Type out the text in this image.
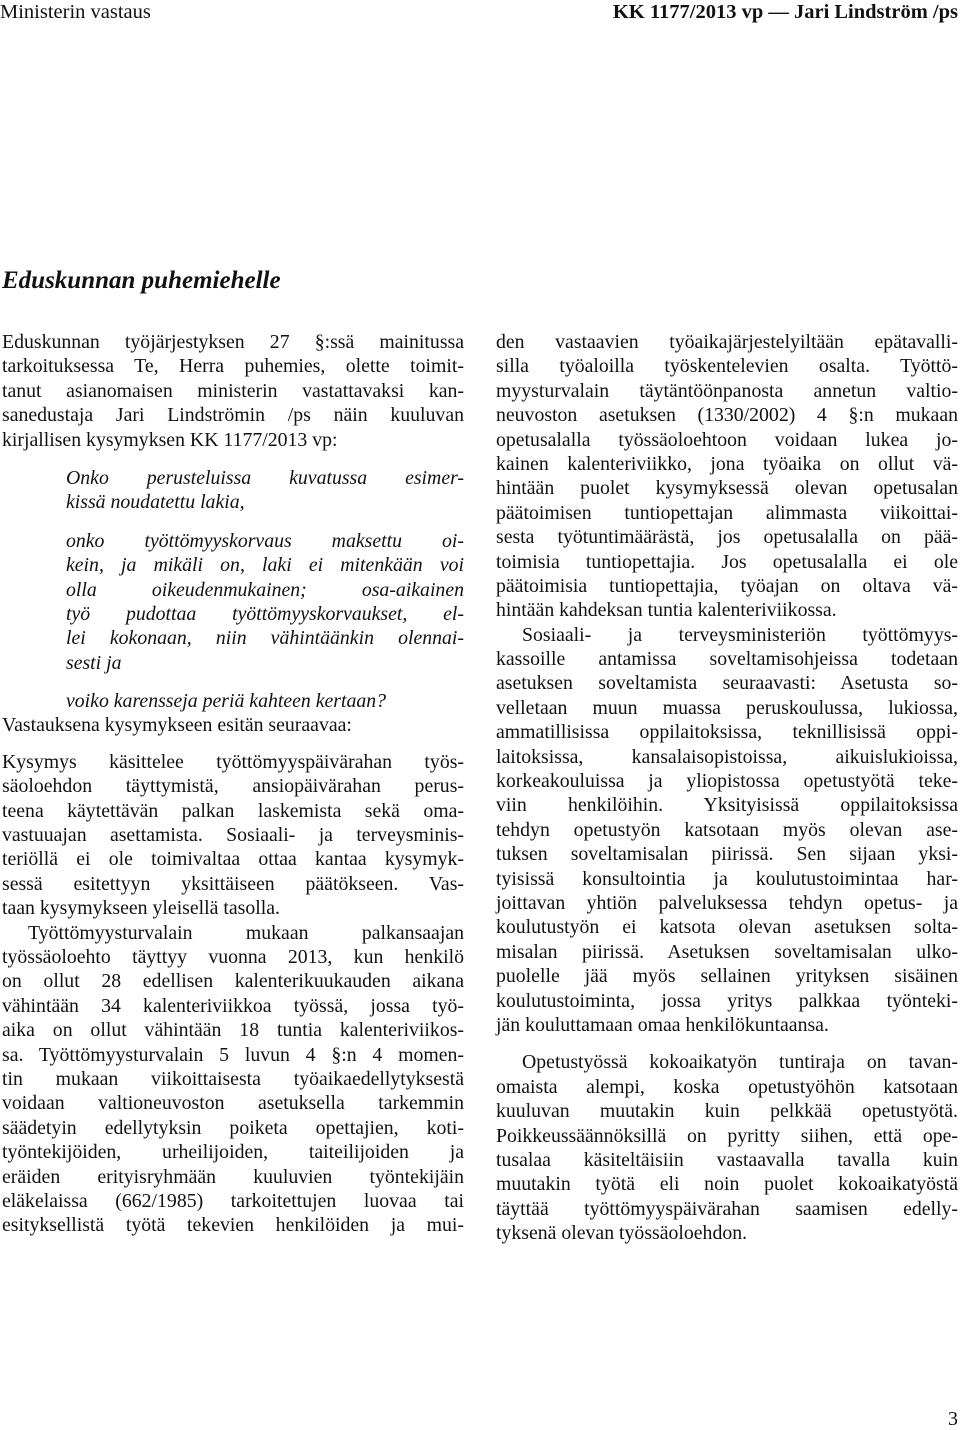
Ministerin vastaus	KK 1177/2013 vp — Jari Lindström /ps
Eduskunnan puhemiehelle
Eduskunnan työjärjestyksen 27 §:ssä mainitussa
tarkoituksessa Te, Herra puhemies, olette toimit-
tanut asianomaisen ministerin vastattavaksi kan-
sanedustaja Jari Lindströmin /ps näin kuuluvan
kirjallisen kysymyksen KK 1177/2013 vp:
Onko perusteluissa kuvatussa esimer-
kissä noudatettu lakia,
onko työttömyyskorvaus maksettu oi-
kein, ja mikäli on, laki ei mitenkään voi
olla oikeudenmukainen; osa-aikainen
työ pudottaa työttömyyskorvaukset, el-
lei kokonaan, niin vähintäänkin olennai-
sesti ja
voiko karensseja periä kahteen kertaan?
Vastauksena kysymykseen esitän seuraavaa:
Kysymys käsittelee työttömyyspäivärahan työs-
säoloehdon täyttymistä, ansiopäivärahan perus-
teena käytettävän palkan laskemista sekä oma-
vastuuajan asettamista. Sosiaali- ja terveysminis-
teriöllä ei ole toimivaltaa ottaa kantaa kysymyk-
sessä esitettyyn yksittäiseen päätökseen. Vas-
taan kysymykseen yleisellä tasolla.
Työttömyysturvalain mukaan palkansaajan
työssäoloehto täyttyy vuonna 2013, kun henkilö
on ollut 28 edellisen kalenterikuukauden aikana
vähintään 34 kalenteriviikkoa työssä, jossa työ-
aika on ollut vähintään 18 tuntia kalenteriviikos-
sa. Työttömyysturvalain 5 luvun 4 §:n 4 momen-
tin mukaan viikoittaisesta työaikaedellytyksestä
voidaan valtioneuvoston asetuksella tarkemmin
säädetyin edellytyksin poiketa opettajien, koti-
työntekijöiden, urheilijoiden, taiteilijoiden ja
eräiden erityisryhmään kuuluvien työntekijäin
eläkelaissa (662/1985) tarkoitettujen luovaa tai
esityksellistä työtä tekevien henkilöiden ja mui-
den vastaavien työaikajärjestelyiltään epätavalli-
silla työaloilla työskentelevien osalta. Työttö-
myysturvalain täytäntöönpanosta annetun valtio-
neuvoston asetuksen (1330/2002) 4 §:n mukaan
opetusalalla työssäoloehtoon voidaan lukea jo-
kainen kalenteriviikko, jona työaika on ollut vä-
hintään puolet kysymyksessä olevan opetusalan
päätoimisen tuntiopettajan alimmasta viikoittai-
sesta työtuntimäärästä, jos opetusalalla on pää-
toimisia tuntiopettajia. Jos opetusalalla ei ole
päätoimisia tuntiopettajia, työajan on oltava vä-
hintään kahdeksan tuntia kalenteriviikossa.
Sosiaali- ja terveysministeriön työttömyys-
kassoille antamissa soveltamisohjeissa todetaan
asetuksen soveltamista seuraavasti: Asetusta so-
velletaan muun muassa peruskoulussa, lukiossa,
ammatillisissa oppilaitoksissa, teknillisissä oppi-
laitoksissa, kansalaisopistoissa, aikuislukioissa,
korkeakouluissa ja yliopistossa opetustyötä teke-
viin henkilöihin. Yksityisissä oppilaitoksissa
tehdyn opetustyön katsotaan myös olevan ase-
tuksen soveltamisalan piirissä. Sen sijaan yksi-
tyisissä konsultointia ja koulutustoimintaa har-
joittavan yhtiön palveluksessa tehdyn opetus- ja
koulutustyön ei katsota olevan asetuksen solta-
misalan piirissä. Asetuksen soveltamisalan ulko-
puolelle jää myös sellainen yrityksen sisäinen
koulutustoiminta, jossa yritys palkkaa työnteki-
jän kouluttamaan omaa henkilökuntaansa.
Opetustyössä kokoaikatyön tuntiraja on tavan-
omaista alempi, koska opetustyöhön katsotaan
kuuluvan muutakin kuin pelkkää opetustyötä.
Poikkeussäännöksillä on pyritty siihen, että ope-
tusalaa käsiteltäisiin vastaavalla tavalla kuin
muutakin työtä eli noin puolet kokoaikatyöstä
täyttää työttömyyspäivärahan saamisen edelly-
tyksenä olevan työssäoloehdon.
3
